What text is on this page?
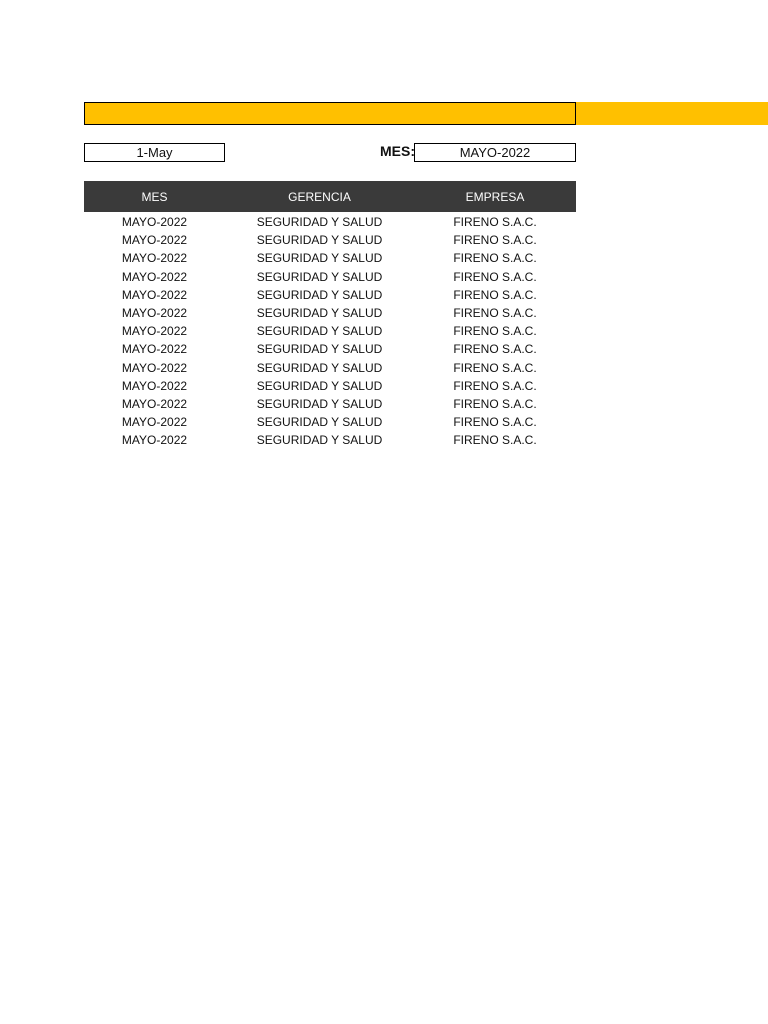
1-May	MES:	MAYO-2022
MES	GERENCIA	EMPRESA
MAYO-2022	SEGURIDAD Y SALUD	FIRENO S.A.C.
MAYO-2022	SEGURIDAD Y SALUD	FIRENO S.A.C.
MAYO-2022	SEGURIDAD Y SALUD	FIRENO S.A.C.
MAYO-2022	SEGURIDAD Y SALUD	FIRENO S.A.C.
MAYO-2022	SEGURIDAD Y SALUD	FIRENO S.A.C.
MAYO-2022	SEGURIDAD Y SALUD	FIRENO S.A.C.
MAYO-2022	SEGURIDAD Y SALUD	FIRENO S.A.C.
MAYO-2022	SEGURIDAD Y SALUD	FIRENO S.A.C.
MAYO-2022	SEGURIDAD Y SALUD	FIRENO S.A.C.
MAYO-2022	SEGURIDAD Y SALUD	FIRENO S.A.C.
MAYO-2022	SEGURIDAD Y SALUD	FIRENO S.A.C.
MAYO-2022	SEGURIDAD Y SALUD	FIRENO S.A.C.
MAYO-2022	SEGURIDAD Y SALUD	FIRENO S.A.C.
